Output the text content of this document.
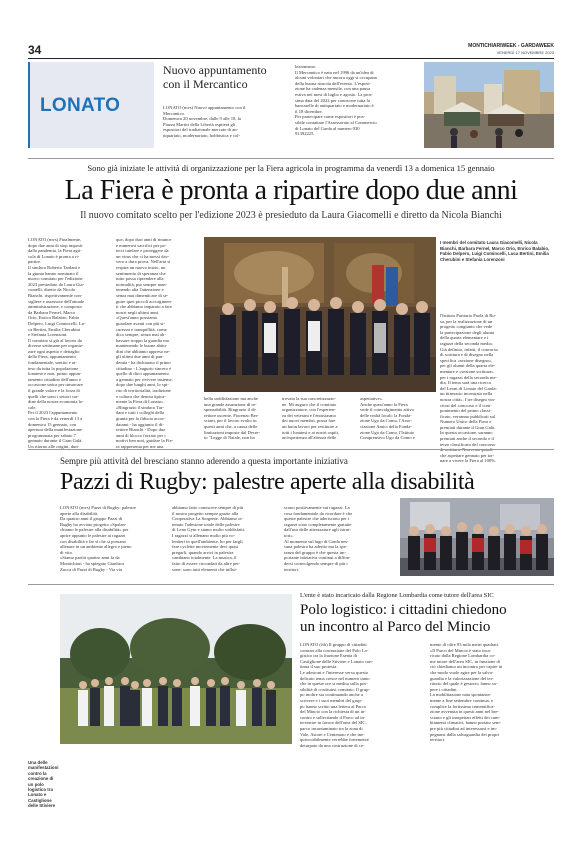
34	MONTICHIARIWEEK - GARDAWEEK
VENERDÌ 17 NOVEMBRE 2023
LONATO
Nuovo appuntamento
con il Mercantico
LONATO (mvs) Nuovo appuntamento con il
Mercantico.
Domenica 20 novembre, dalle 9 alle 18, la
Piazza Martiri della Libertà ospiterà gli
espositori del tradizionale mercato di an-
tiquariato, modernariato, hobbistica e col-
lezionismo.
Il Mercantico è nato nel 1996 da un'idea di
alcuni volontari che ancora oggi si occupano
della buona riuscita dell'evento. L'esposi-
zione ha cadenza mensile, con una pausa
estiva nei mesi di luglio e agosto. La pros-
sima data del 2022 per conoscere tutta la
bancarelle di antiquariato e modernariato è
il 18 dicembre.
Per partecipare come espositori è pos-
sibile contattare l'Assessorato al Commercio
di Lonato del Garda al numero 030
91392225.
Sono già iniziate le attività di organizzazione per la Fiera agricola in programma da venerdì 13 a domenica 15 gennaio
La Fiera è pronta a ripartire dopo due anni
Il nuovo comitato scelto per l'edizione 2023 è presieduto da Laura Giacomelli e diretto da Nicola Bianchi
LONATO (mvs) Finalmente,
dopo due anni di stop imposti
dalla pandemia, la Fiera agri-
cola di Lonato è pronta a ri-
partire.
Il sindaco Roberto Tardani e
la giunta hanno nominato il
nuovo comitato per l'edizione
2023 presieduto da Laura Gia-
comelli, diretto da Nicola
Bianchi, rispettivamente con-
sigliere e assessore dell'attuale
amministrazione, e composto
da Barbara Fernel, Marco
Orio, Enrico Balabio, Fabio
Delpero, Luigi Comincelli, Lu-
ca Bertini, Emilia Cherubini
e Stefania Lorenzoni.
Il comitato si già al lavoro da
diverse settimane per organiz-
zare ogni aspetto e dettaglio
della Fiera, appuntamento
fondamentale, sentito e at-
teso da tutta la popolazione
lonatese e non, primo appun-
tamento cittadino dell'anno e
occasione unica per rimarcare
il grande valore e la forza di
quelli che sono i settori car-
dine della nostra economia lo-
cale.
Per il 2023 l'appuntamento
con la Fiera è da venerdì 13 a
domenica 15 gennaio, con
apertura della manifestazione
programmata per sabato 7
gennaio durante il Gran Galà.
Un ritorno alle origini, dun-
que, dopo duri anni di rinunce
e numerosi sacrifici per po-
terci tutelare e proteggere da
un virus che ci ha messi dav-
vero a dura prova. Nell'aria si
respira un nuovo inizio, un
sentimento di speranza che
tutto possa riprendere alla
normalità, pur sempre man-
tenendo alta l'attenzione e
senza mai dimenticare di se-
guire quei piccoli accorgimen-
ti che abbiamo imparato a fare
nostri negli ultimi anni.
«Quest'anno possiamo
guardare avanti con più si-
curezza e tranquillità, come
dico sempre, senza mai ab-
bassare troppo la guardia ma
mantenendo le buone abitu-
dini che abbiamo appreso ne-
gli ultimi due anni di pan-
demia - ha dichiarato il primo
cittadino - L'augurio sincero è
quello di dirci appuntamento
a gennaio per rivivere insieme,
dopo due lunghi anni, lo spi-
rito di territorialità, tradizione
e cultura che denota tipica-
mente la Fiera di Lonato».
«Ringrazio il sindaco Tar-
dani e tutti i colleghi della
giunta per la fiducia accor-
datami - ha aggiunto il di-
rettore Bianchi - Dopo due
anni di blocco forzato per i
motivi ben noti, guidare la Fie-
ra rappresenta per me una
bella soddisfazione ma anche
una grande assunzione di re-
sponsabilità. Ringrazio il di-
rettore uscente, Fiorenzo Ber-
sciani, per il lavoro svolto in
questi anni che, a causa delle
limitazioni imposte dal Decre-
to "Legge di Natale, non ha
trovato la sua concretizzazio-
ne. Mi auguro che il comitato
organizzatore, con l'esperien-
za dei veterani e l'entusiasmo
dei nuovi membri, possa fare
un buon lavoro per restituire a
tutti i lonatesi e ai nostri ospiti,
un'esperienza all'altezza delle
aspettative».
Anche quest'anno la Fiera
vede il coinvolgimento attivo
delle realtà locali: la Fonda-
zione Ugo da Como, l'Asso-
ciazione Amici della Fonda-
zione Ugo da Como, l'Istituto
Comprensivo Ugo da Como e
I membri del comitato Laura Giacomelli, Nicola Bianchi, Barbara Fernel, Marco Orio, Enrico Balabio, Fabio Delpero, Luigi Comincelli, Luca Bertini, Emilia Cherubini e Stefania Lorenzoni
l'Istituto Paritario Paola di Ro-
sa, per la realizzazione di un
progetto congiunto che vede
la partecipazione degli alunni
della quarta elementare e i
ragazzi della seconda media.
Già definito, infatti, il concorso
di scrittura e di disegno nella
specifica «sezione disegno»,
per gli alunni della quarta ele-
mentare e «sezione scrittura»
per i ragazzi della seconda me-
dia. Il tema sarà una ricerca
del Leoni di Lonato del Garda:
un itinerario incentrato nella
nostra città». I tre disegni vin-
citori del concorso e il com-
ponimento del primo classi-
ficato, verranno pubblicati sul
Numero Unico della Fiera e
premiati durante il Gran Galà.
In questa occasione, saranno
premiati anche il secondo e il
terzo classificato del concorso
che aspettare gennaio per tor-
nare a vivere la Fiera al 100%.
Sempre più attività del bresciano stanno aderendo a questa importante iniziativa
Pazzi di Rugby: palestre aperte alla disabilità
LONATO (mvs) Pazzi di Rugby: palestre
aperte alla disabilità.
Da quattro anni il gruppo Pazzi di
Rugby ha avviato progetto «Spalan-
chiamo le palestre alla disabilità» per
aprire appunto le palestre ai ragazzi
con disabilità e far sì che si possano
allenare in un ambiente allegro e pieno
di vita.
«Siamo partiti quattro anni fa da
Montichiari - ha spiegato Gianluca
Zucca di Pazzi di Rugby - Via via
abbiamo fatto conoscere sempre di più
il nostro progetto sempre grazie alla
Cooperativa La Sorgente. Abbiamo ot-
tenuto l'adesione totale delle palestre
di Leno Gym e siamo molto soddisfatti.
I ragazzi si allenano molto più vo-
lentieri in quell'ambiente, ho per fargli
fare cyclette moviemente devi quasi
pregarli, quando arrivi in palestra
cambiano totalmente. La musica, il
fatto di essere circondati da altre per-
sone: sono tutti elementi che influi-
scono positivamente sui ragazzi. La
cosa fondamentale da ricordare è che
queste palestre che aderiscono per i
ragazzi sono completamente gratuite
dall'uso delle attrezzature agli istrut-
tori».
Al momento sul lago di Garda nes-
suna palestra ha aderito ma la spe-
ranza del gruppo è che questa im-
portante iniziativa continui a diffon-
dersi coinvolgendo sempre di più i
territori.
Una delle manifestazioni contro la creazione di un polo logistico tra Lonato e Castiglione delle Stiviere
L'ente è stato incaricato dalla Regione Lombardia come tutore dell'area SIC
Polo logistico: i cittadini chiedono
un incontro al Parco del Mincio
LONATO (fth) Il gruppo di cittadini
contrari alla costruzione del Polo Lo-
gistico tra la frazione Esenta di
Castiglione delle Stiviere e Lonato con-
tinua il suo protesta.
Le adesioni e l'interesse verso questo
delicato tema cresce nel numero tanto
che in queste ore si medita sulla pos-
sibilità di costituirsi comitato. Il grup-
po inoltre sta continuando anche a
scrivere e i suoi membri del grup-
po hanno scritto una lettera al Parco
del Mincio con la richiesta di un in-
contro e sollecitando il Parco ad in-
tervenire in favore dell'area del SIC,
parco incontaminato tra la zona di
Vale, Astore e Centenaro e che ine-
quivocabilmente verrebbe fortemente
deturpato da una costruzione di ce-
mento di oltre 93 mila metri quadrati.
«Il Parco del Mincio è stato inca-
ricato dalla Regione Lombardia co-
me tutore dell'area SIC, in funzione di
ciò chiediamo un incontro per capire in
che modo vuole agire per la salva-
guardia e la valorizzazione del ter-
ritorio del quale è gestore» fanno sa-
pere i cittadini.
La mobilitazione nata spontanea-
mente a fine settembre continua, e
complice la fortissima cementifica-
zione avvenuta in questi anni nel bre-
sciano e gli inaspettati effetti dei cam-
biamenti climatici, hanno portato sem-
pre più cittadini ad interessarsi e im-
pegnarsi dalla salvaguardia dei propri
territori.
